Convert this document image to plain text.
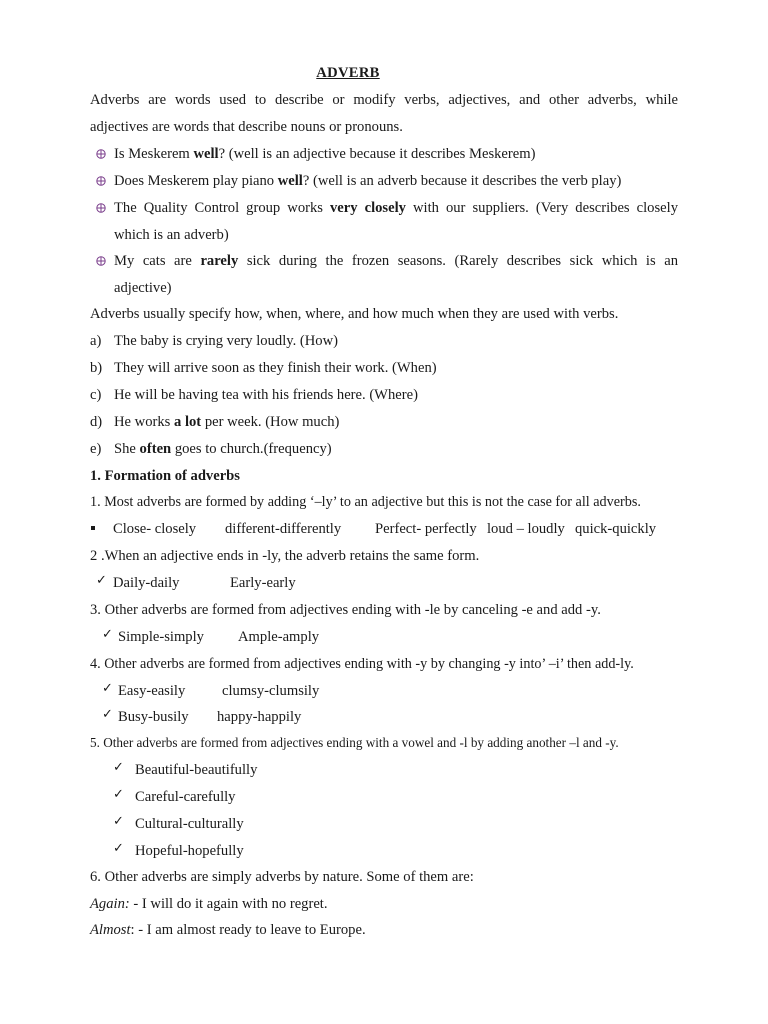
ADVERB
Adverbs are words used to describe or modify verbs, adjectives, and other adverbs, while
adjectives are words that describe nouns or pronouns.
Is Meskerem well? (well is an adjective because it describes Meskerem)
Does Meskerem play piano well? (well is an adverb because it describes the verb play)
The Quality Control group works very closely with our suppliers. (Very describes closely
which is an adverb)
My cats are rarely sick during the frozen seasons. (Rarely describes sick which is an
adjective)
Adverbs usually specify how, when, where, and how much when they are used with verbs.
a) The baby is crying very loudly. (How)
b) They will arrive soon as they finish their work. (When)
c) He will be having tea with his friends here. (Where)
d) He works a lot per week. (How much)
e) She often goes to church.(frequency)
1. Formation of adverbs
1. Most adverbs are formed by adding ‘–ly’ to an adjective but this is not the case for all adverbs.
Close- closely	different-differently	Perfect- perfectly loud – loudly quick-quickly
2 .When an adjective ends in -ly, the adverb retains the same form.
✓ Daily-daily	Early-early
3. Other adverbs are formed from adjectives ending with -le by canceling -e and add -y.
✓ Simple-simply	Ample-amply
4. Other adverbs are formed from adjectives ending with -y by changing -y into’ –i’ then add-ly.
✓ Easy-easily	clumsy-clumsily
✓ Busy-busily	happy-happily
5. Other adverbs are formed from adjectives ending with a vowel and -l by adding another –l and -y.
✓ Beautiful-beautifully
✓ Careful-carefully
✓ Cultural-culturally
✓ Hopeful-hopefully
6. Other adverbs are simply adverbs by nature. Some of them are:
Again: - I will do it again with no regret.
Almost: - I am almost ready to leave to Europe.
